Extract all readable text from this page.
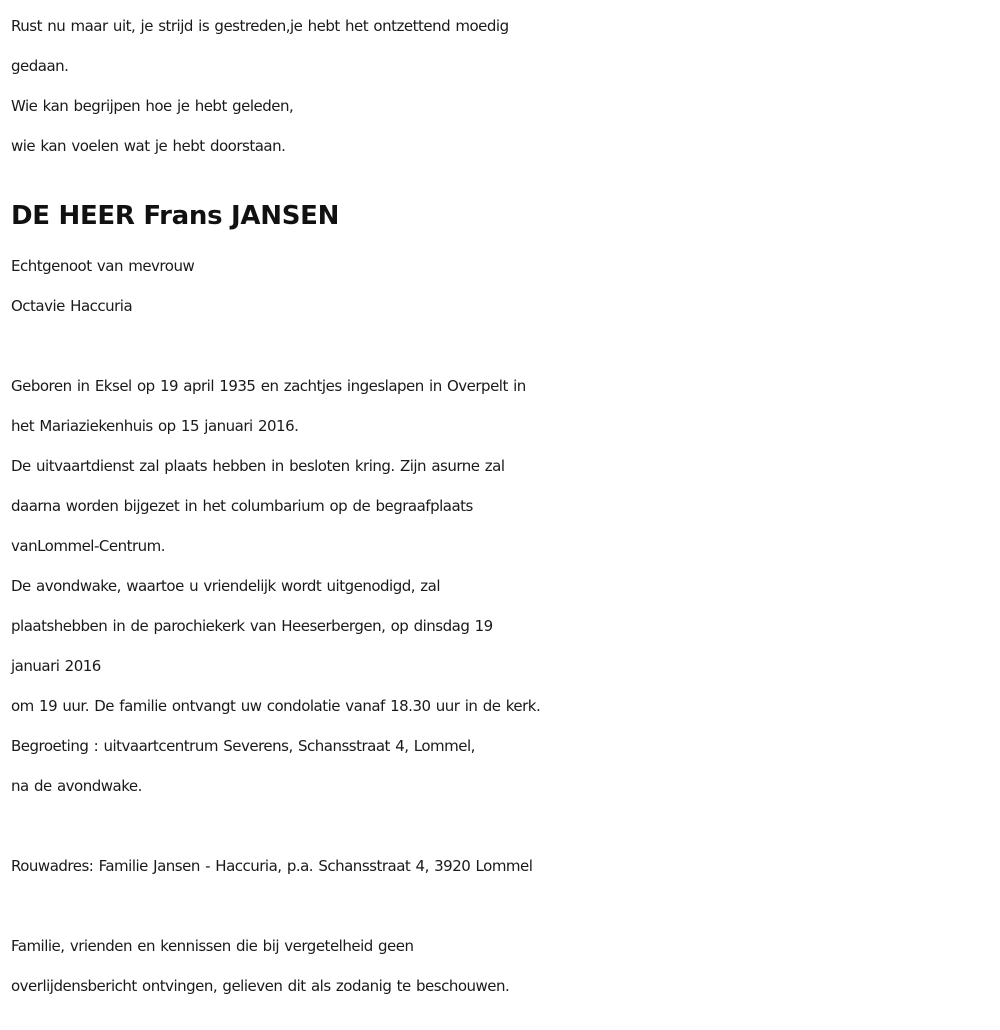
Rust nu maar uit, je strijd is gestreden,je hebt het ontzettend moedig
gedaan.
Wie kan begrijpen hoe je hebt geleden,
wie kan voelen wat je hebt doorstaan.
DE HEER Frans JANSEN
Echtgenoot van mevrouw
Octavie Haccuria
Geboren in Eksel op 19 april 1935 en zachtjes ingeslapen in Overpelt in
het Mariaziekenhuis op 15 januari 2016.
De uitvaartdienst zal plaats hebben in besloten kring. Zijn asurne zal
daarna worden bijgezet in het columbarium op de begraafplaats
vanLommel-Centrum.
De avondwake, waartoe u vriendelijk wordt uitgenodigd, zal
plaatshebben in de parochiekerk van Heeserbergen, op dinsdag 19
januari 2016
om 19 uur. De familie ontvangt uw condolatie vanaf 18.30 uur in de kerk.
Begroeting : uitvaartcentrum Severens, Schansstraat 4, Lommel,
na de avondwake.
Rouwadres: Familie Jansen - Haccuria, p.a. Schansstraat 4, 3920 Lommel
Familie, vrienden en kennissen die bij vergetelheid geen
overlijdensbericht ontvingen, gelieven dit als zodanig te beschouwen.
